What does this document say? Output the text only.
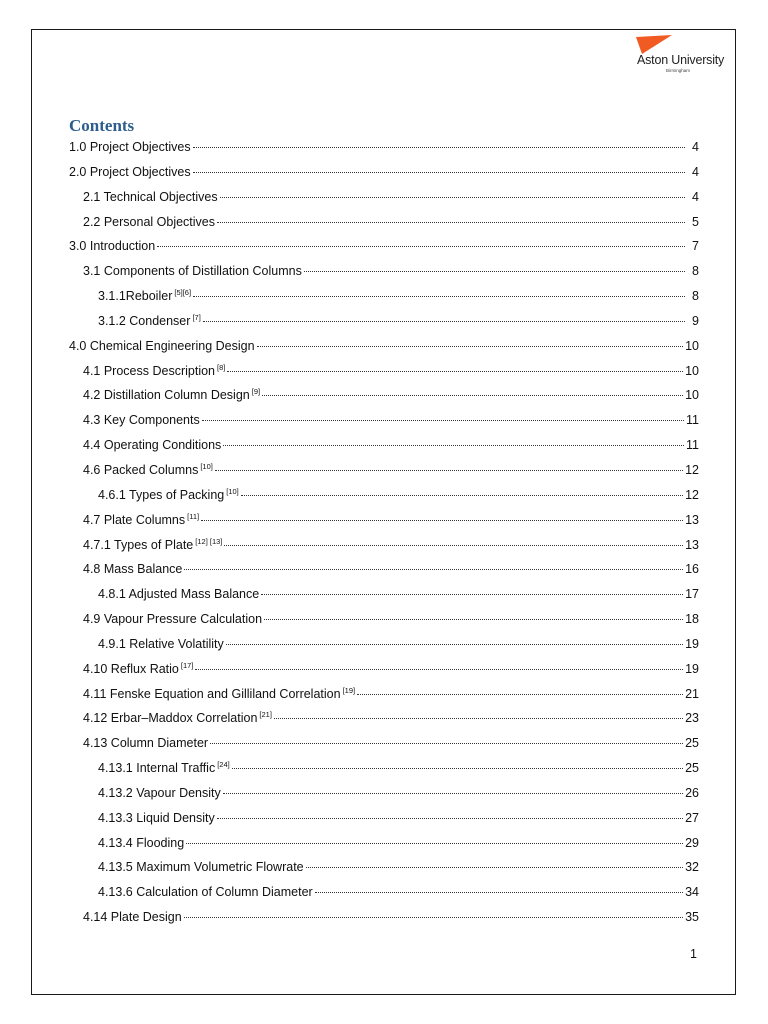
Aston University
Birmingham
Contents
1.0 Project Objectives	4
2.0 Project Objectives	4
2.1 Technical Objectives	4
2.2 Personal Objectives	5
3.0 Introduction	7
3.1 Components of Distillation Columns	8
3.1.1Reboiler [5][6]	8
3.1.2 Condenser [7]	9
4.0 Chemical Engineering Design	10
4.1 Process Description [8]	10
4.2 Distillation Column Design [9]	10
4.3 Key Components	11
4.4 Operating Conditions	11
4.6 Packed Columns [10]	12
4.6.1 Types of Packing [10]	12
4.7 Plate Columns [11]	13
4.7.1 Types of Plate [12] [13]	13
4.8 Mass Balance	16
4.8.1 Adjusted Mass Balance	17
4.9 Vapour Pressure Calculation	18
4.9.1 Relative Volatility	19
4.10 Reflux Ratio [17]	19
4.11 Fenske Equation and Gilliland Correlation [19]	21
4.12 Erbar–Maddox Correlation [21]	23
4.13 Column Diameter	25
4.13.1 Internal Traffic [24]	25
4.13.2 Vapour Density	26
4.13.3 Liquid Density	27
4.13.4 Flooding	29
4.13.5 Maximum Volumetric Flowrate	32
4.13.6 Calculation of Column Diameter	34
4.14 Plate Design	35
1
